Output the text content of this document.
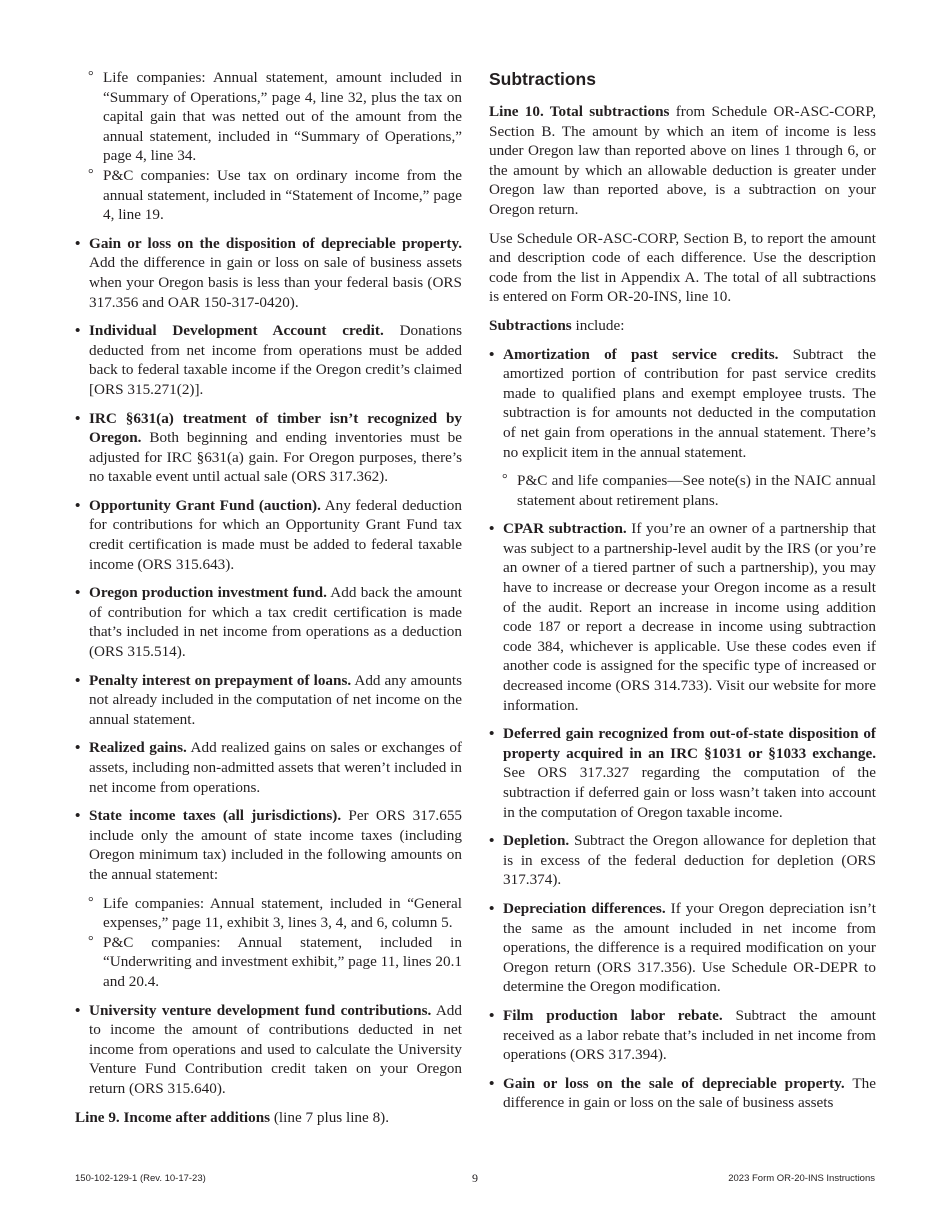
° Life companies: Annual statement, amount included in “Summary of Operations,” page 4, line 32, plus the tax on capital gain that was netted out of the amount from the annual statement, included in “Summary of Operations,” page 4, line 34.

° P&C companies: Use tax on ordinary income from the annual statement, included in “Statement of Income,” page 4, line 19.

• Gain or loss on the disposition of depreciable property. Add the difference in gain or loss on sale of business assets when your Oregon basis is less than your federal basis (ORS 317.356 and OAR 150-317-0420).

• Individual Development Account credit. Donations deducted from net income from operations must be added back to federal taxable income if the Oregon credit’s claimed [ORS 315.271(2)].

• IRC §631(a) treatment of timber isn’t recognized by Oregon. Both beginning and ending inventories must be adjusted for IRC §631(a) gain. For Oregon purposes, there’s no taxable event until actual sale (ORS 317.362).

• Opportunity Grant Fund (auction). Any federal deduction for contributions for which an Opportunity Grant Fund tax credit certification is made must be added to federal taxable income (ORS 315.643).

• Oregon production investment fund. Add back the amount of contribution for which a tax credit certification is made that’s included in net income from operations as a deduction (ORS 315.514).

• Penalty interest on prepayment of loans. Add any amounts not already included in the computation of net income on the annual statement.

• Realized gains. Add realized gains on sales or exchanges of assets, including non-admitted assets that weren’t included in net income from operations.

• State income taxes (all jurisdictions). Per ORS 317.655 include only the amount of state income taxes (including Oregon minimum tax) included in the following amounts on the annual statement:

° Life companies: Annual statement, included in “General expenses,” page 11, exhibit 3, lines 3, 4, and 6, column 5.

° P&C companies: Annual statement, included in “Underwriting and investment exhibit,” page 11, lines 20.1 and 20.4.

• University venture development fund contributions. Add to income the amount of contributions deducted in net income from operations and used to calculate the University Venture Fund Contribution credit taken on your Oregon return (ORS 315.640).

Line 9. Income after additions (line 7 plus line 8).

Subtractions

Line 10. Total subtractions from Schedule OR-ASC-CORP, Section B. The amount by which an item of income is less under Oregon law than reported above on lines 1 through 6, or the amount by which an allowable deduction is greater under Oregon law than reported above, is a subtraction on your Oregon return.

Use Schedule OR-ASC-CORP, Section B, to report the amount and description code of each difference. Use the description code from the list in Appendix A. The total of all subtractions is entered on Form OR-20-INS, line 10.

Subtractions include:

• Amortization of past service credits. Subtract the amortized portion of contribution for past service credits made to qualified plans and exempt employee trusts. The subtraction is for amounts not deducted in the computation of net gain from operations in the annual statement. There’s no explicit item in the annual statement.

° P&C and life companies—See note(s) in the NAIC annual statement about retirement plans.

• CPAR subtraction. If you’re an owner of a partnership that was subject to a partnership-level audit by the IRS (or you’re an owner of a tiered partner of such a partnership), you may have to increase or decrease your Oregon income as a result of the audit. Report an increase in income using addition code 187 or report a decrease in income using subtraction code 384, whichever is applicable. Use these codes even if another code is assigned for the specific type of increased or decreased income (ORS 314.733). Visit our website for more information.

• Deferred gain recognized from out-of-state disposition of property acquired in an IRC §1031 or §1033 exchange. See ORS 317.327 regarding the computation of the subtraction if deferred gain or loss wasn’t taken into account in the computation of Oregon taxable income.

• Depletion. Subtract the Oregon allowance for depletion that is in excess of the federal deduction for depletion (ORS 317.374).

• Depreciation differences. If your Oregon depreciation isn’t the same as the amount included in net income from operations, the difference is a required modification on your Oregon return (ORS 317.356). Use Schedule OR-DEPR to determine the Oregon modification.

• Film production labor rebate. Subtract the amount received as a labor rebate that’s included in net income from operations (ORS 317.394).

• Gain or loss on the sale of depreciable property. The difference in gain or loss on the sale of business assets

150-102-129-1 (Rev. 10-17-23)	9	2023 Form OR-20-INS Instructions
